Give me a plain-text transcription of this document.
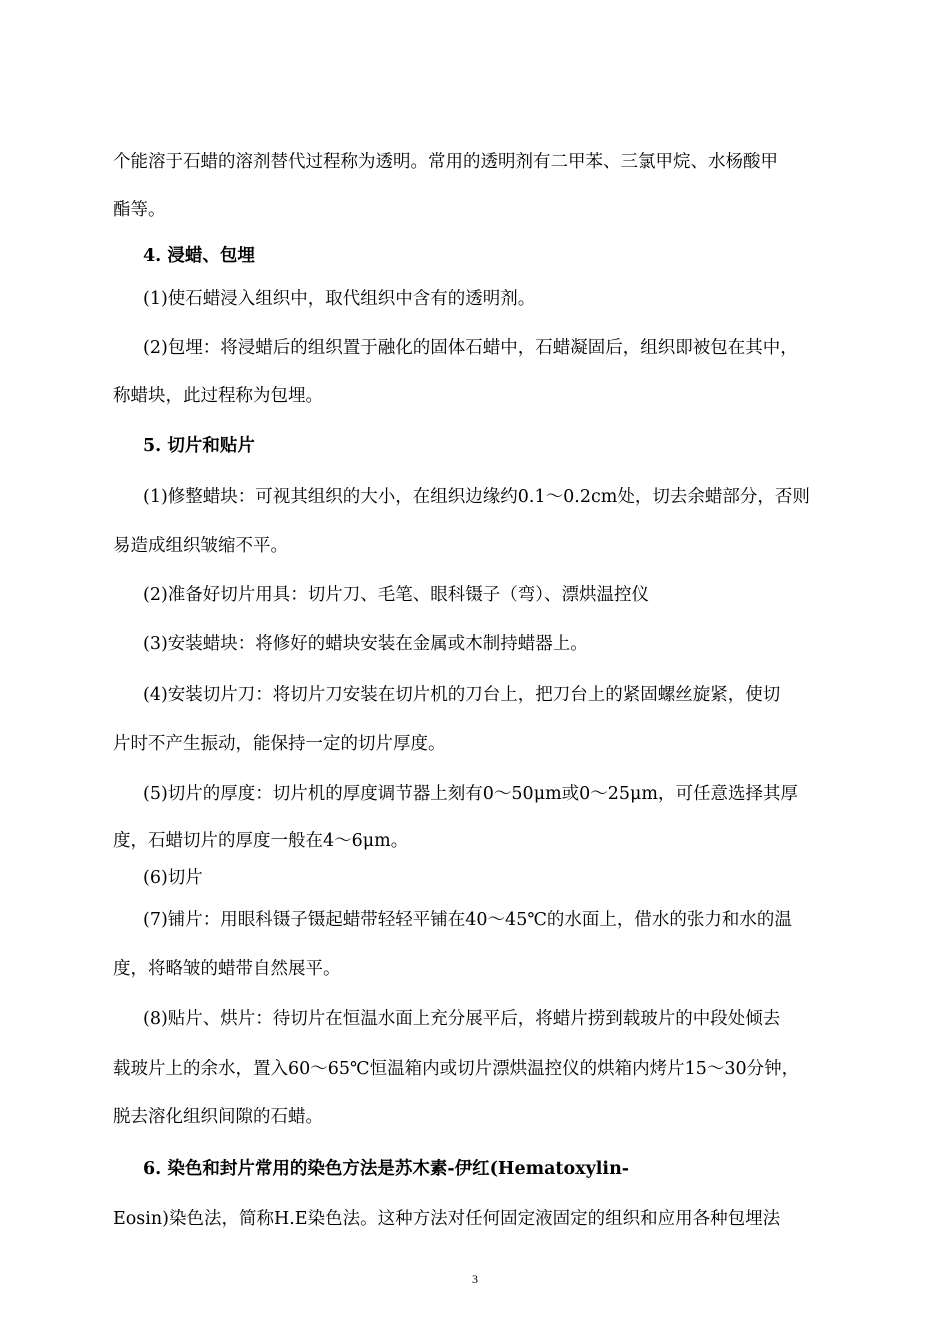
个能溶于石蜡的溶剂替代过程称为透明。常用的透明剂有二甲苯、三氯甲烷、水杨酸甲
酯等。
4. 浸蜡、包埋
(1)使石蜡浸入组织中，取代组织中含有的透明剂。
(2)包埋：将浸蜡后的组织置于融化的固体石蜡中，石蜡凝固后，组织即被包在其中，
称蜡块，此过程称为包埋。
5. 切片和贴片
(1)修整蜡块：可视其组织的大小，在组织边缘约0.1～0.2cm处，切去余蜡部分，否则
易造成组织皱缩不平。
(2)准备好切片用具：切片刀、毛笔、眼科镊子（弯）、漂烘温控仪
(3)安装蜡块：将修好的蜡块安装在金属或木制持蜡器上。
(4)安装切片刀：将切片刀安装在切片机的刀台上，把刀台上的紧固螺丝旋紧，使切
片时不产生振动，能保持一定的切片厚度。
(5)切片的厚度：切片机的厚度调节器上刻有0～50μm或0～25μm，可任意选择其厚
度，石蜡切片的厚度一般在4～6μm。
(6)切片
(7)铺片：用眼科镊子镊起蜡带轻轻平铺在40～45℃的水面上，借水的张力和水的温
度，将略皱的蜡带自然展平。
(8)贴片、烘片：待切片在恒温水面上充分展平后，将蜡片捞到载玻片的中段处倾去
载玻片上的余水，置入60～65℃恒温箱内或切片漂烘温控仪的烘箱内烤片15～30分钟，
脱去溶化组织间隙的石蜡。
6. 染色和封片常用的染色方法是苏木素-伊红(Hematoxylin-
Eosin)染色法，简称H.E染色法。这种方法对任何固定液固定的组织和应用各种包埋法
3
